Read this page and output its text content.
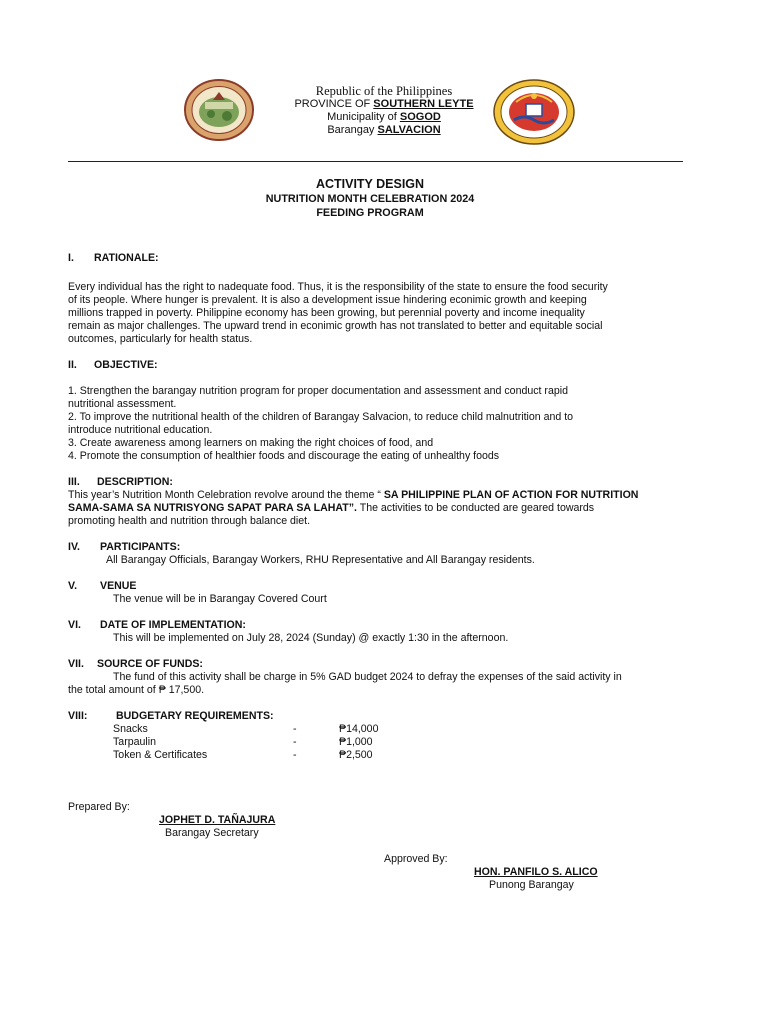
Republic of the Philippines
PROVINCE OF SOUTHERN LEYTE
Municipality of SOGOD
Barangay SALVACION
ACTIVITY DESIGN
NUTRITION MONTH CELEBRATION 2024
FEEDING PROGRAM
I. RATIONALE:
Every individual has the right to nadequate food. Thus, it is the responsibility of the state to ensure the food security
of its people. Where hunger is prevalent. It is also a development issue hindering econimic growth and keeping
millions trapped in poverty. Philippine economy has been growing, but perennial poverty and income inequality
remain as major challenges. The upward trend in econimic growth has not translated to better and equitable social
outcomes, particularly for health status.
II. OBJECTIVE:
1. Strengthen the barangay nutrition program for proper documentation and assessment and conduct rapid
nutritional assessment.
2. To improve the nutritional health of the children of Barangay Salvacion, to reduce child malnutrition and to
introduce nutritional education.
3. Create awareness among learners on making the right choices of food, and
4. Promote the consumption of healthier foods and discourage the eating of unhealthy foods
III. DESCRIPTION:
This year’s Nutrition Month Celebration revolve around the theme “ SA PHILIPPINE PLAN OF ACTION FOR NUTRITION
SAMA-SAMA SA NUTRISYONG SAPAT PARA SA LAHAT”. The activities to be conducted are geared towards
promoting health and nutrition through balance diet.
IV. PARTICIPANTS:
All Barangay Officials, Barangay Workers, RHU Representative and All Barangay residents.
V. VENUE
The venue will be in Barangay Covered Court
VI. DATE OF IMPLEMENTATION:
This will be implemented on July 28, 2024 (Sunday) @ exactly 1:30 in the afternoon.
VII. SOURCE OF FUNDS:
The fund of this activity shall be charge in 5% GAD budget 2024 to defray the expenses of the said activity in
the total amount of ₱ 17,500.
VIII:	BUDGETARY REQUIREMENTS:
Snacks	-	₱14,000
Tarpaulin	-	₱1,000
Token & Certificates	-	₱2,500
Prepared By:
JOPHET D. TAÑAJURA
Barangay Secretary
Approved By:
HON. PANFILO S. ALICO
Punong Barangay
